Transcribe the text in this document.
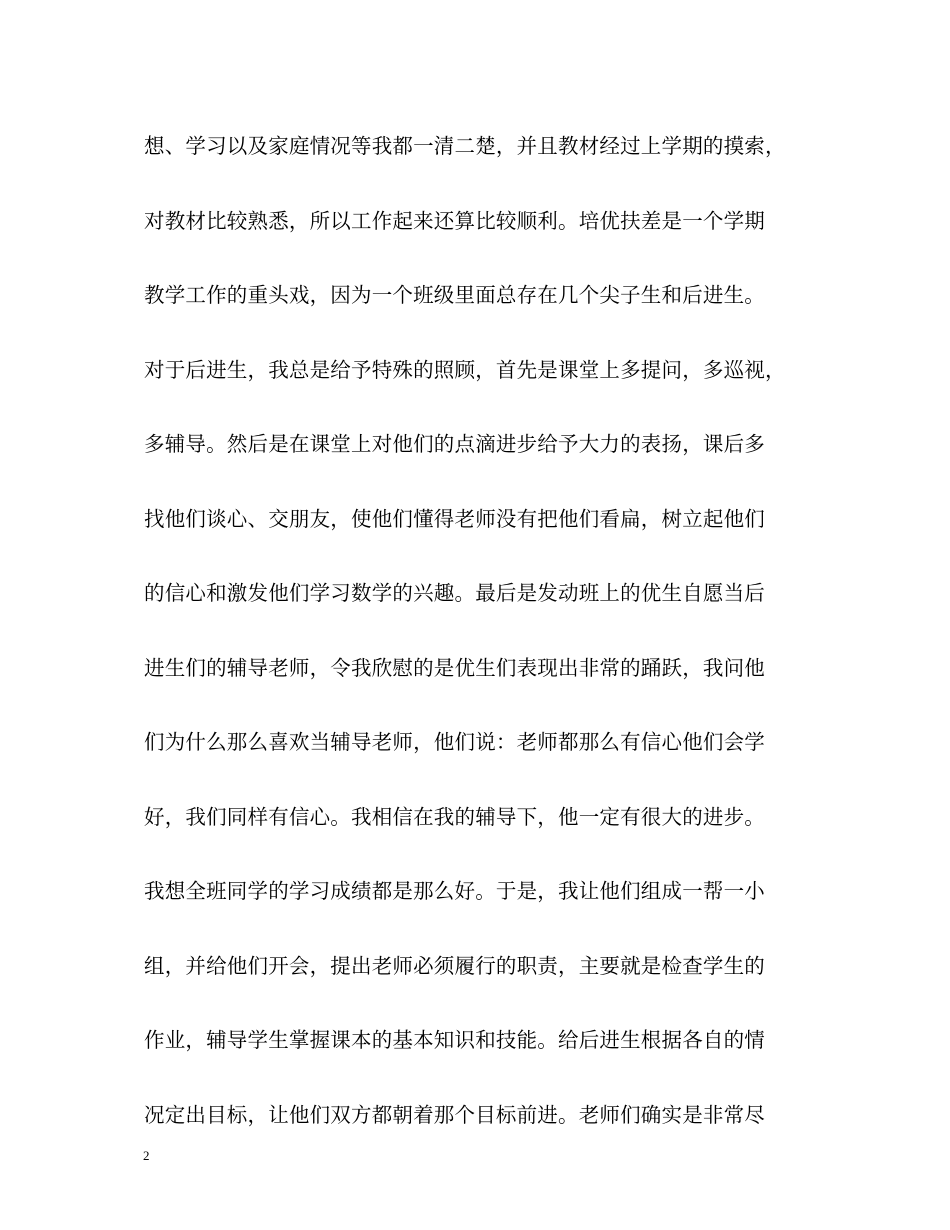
想、学习以及家庭情况等我都一清二楚，并且教材经过上学期的摸索，
对教材比较熟悉，所以工作起来还算比较顺利。培优扶差是一个学期
教学工作的重头戏，因为一个班级里面总存在几个尖子生和后进生。
对于后进生，我总是给予特殊的照顾，首先是课堂上多提问，多巡视，
多辅导。然后是在课堂上对他们的点滴进步给予大力的表扬，课后多
找他们谈心、交朋友，使他们懂得老师没有把他们看扁，树立起他们
的信心和激发他们学习数学的兴趣。最后是发动班上的优生自愿当后
进生们的辅导老师，令我欣慰的是优生们表现出非常的踊跃，我问他
们为什么那么喜欢当辅导老师，他们说：老师都那么有信心他们会学
好，我们同样有信心。我相信在我的辅导下，他一定有很大的进步。
我想全班同学的学习成绩都是那么好。于是，我让他们组成一帮一小
组，并给他们开会，提出老师必须履行的职责，主要就是检查学生的
作业，辅导学生掌握课本的基本知识和技能。给后进生根据各自的情
况定出目标，让他们双方都朝着那个目标前进。老师们确实是非常尽
2
